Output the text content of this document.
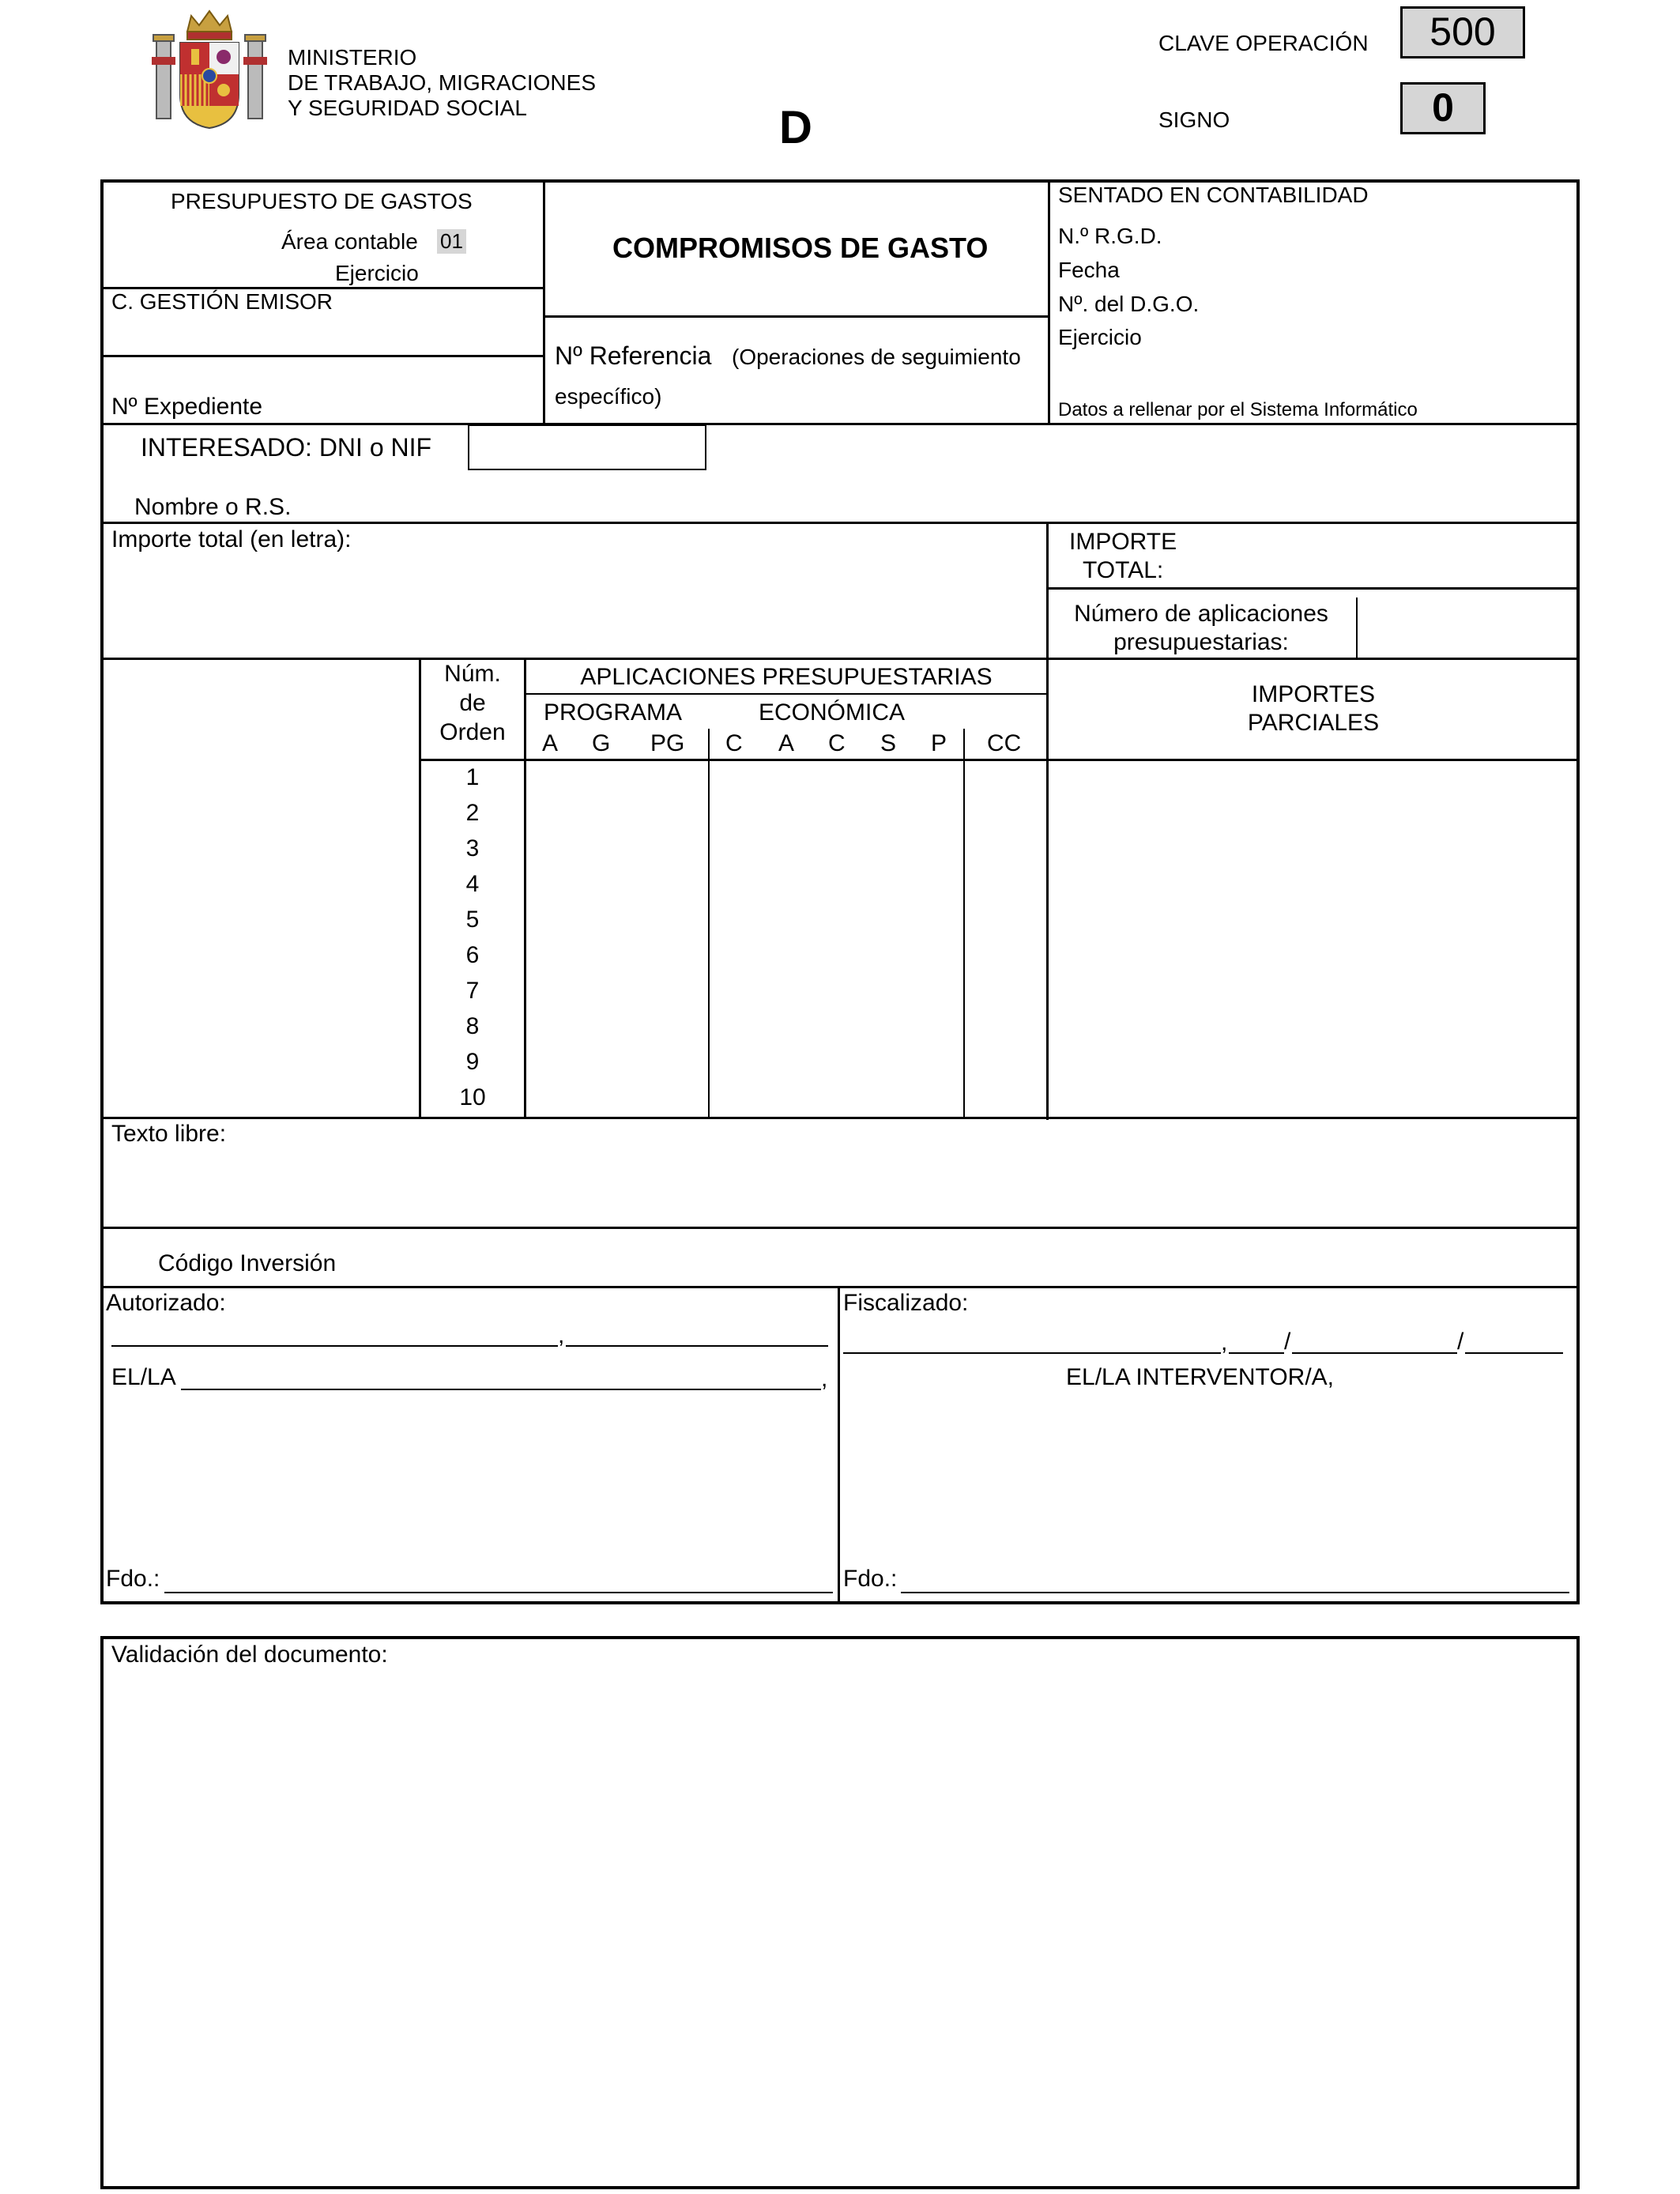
MINISTERIO
DE TRABAJO, MIGRACIONES
Y SEGURIDAD SOCIAL	D
CLAVE OPERACIÓN	500
SIGNO	0
PRESUPUESTO DE GASTOS
Área contable 01
Ejercicio
C. GESTIÓN EMISOR
Nº Expediente
COMPROMISOS DE GASTO
Nº Referencia (Operaciones de seguimiento
específico)
SENTADO EN CONTABILIDAD
N.º R.G.D.
Fecha
Nº. del D.G.O.
Ejercicio
Datos a rellenar por el Sistema Informático
INTERESADO: DNI o NIF
Nombre o R.S.
Importe total (en letra):	IMPORTE
TOTAL:
Número de aplicaciones
presupuestarias:
Núm.
de
Orden
APLICACIONES PRESUPUESTARIAS
PROGRAMA	ECONÓMICA
A G PG C A C S P CC
IMPORTES
PARCIALES
1
2
3
4
5
6
7
8
9
10
Texto libre:
Código Inversión
Autorizado:
,
EL/LA	,
Fdo.:
Fiscalizado:
, /	/
EL/LA INTERVENTOR/A,
Fdo.:
Validación del documento:
